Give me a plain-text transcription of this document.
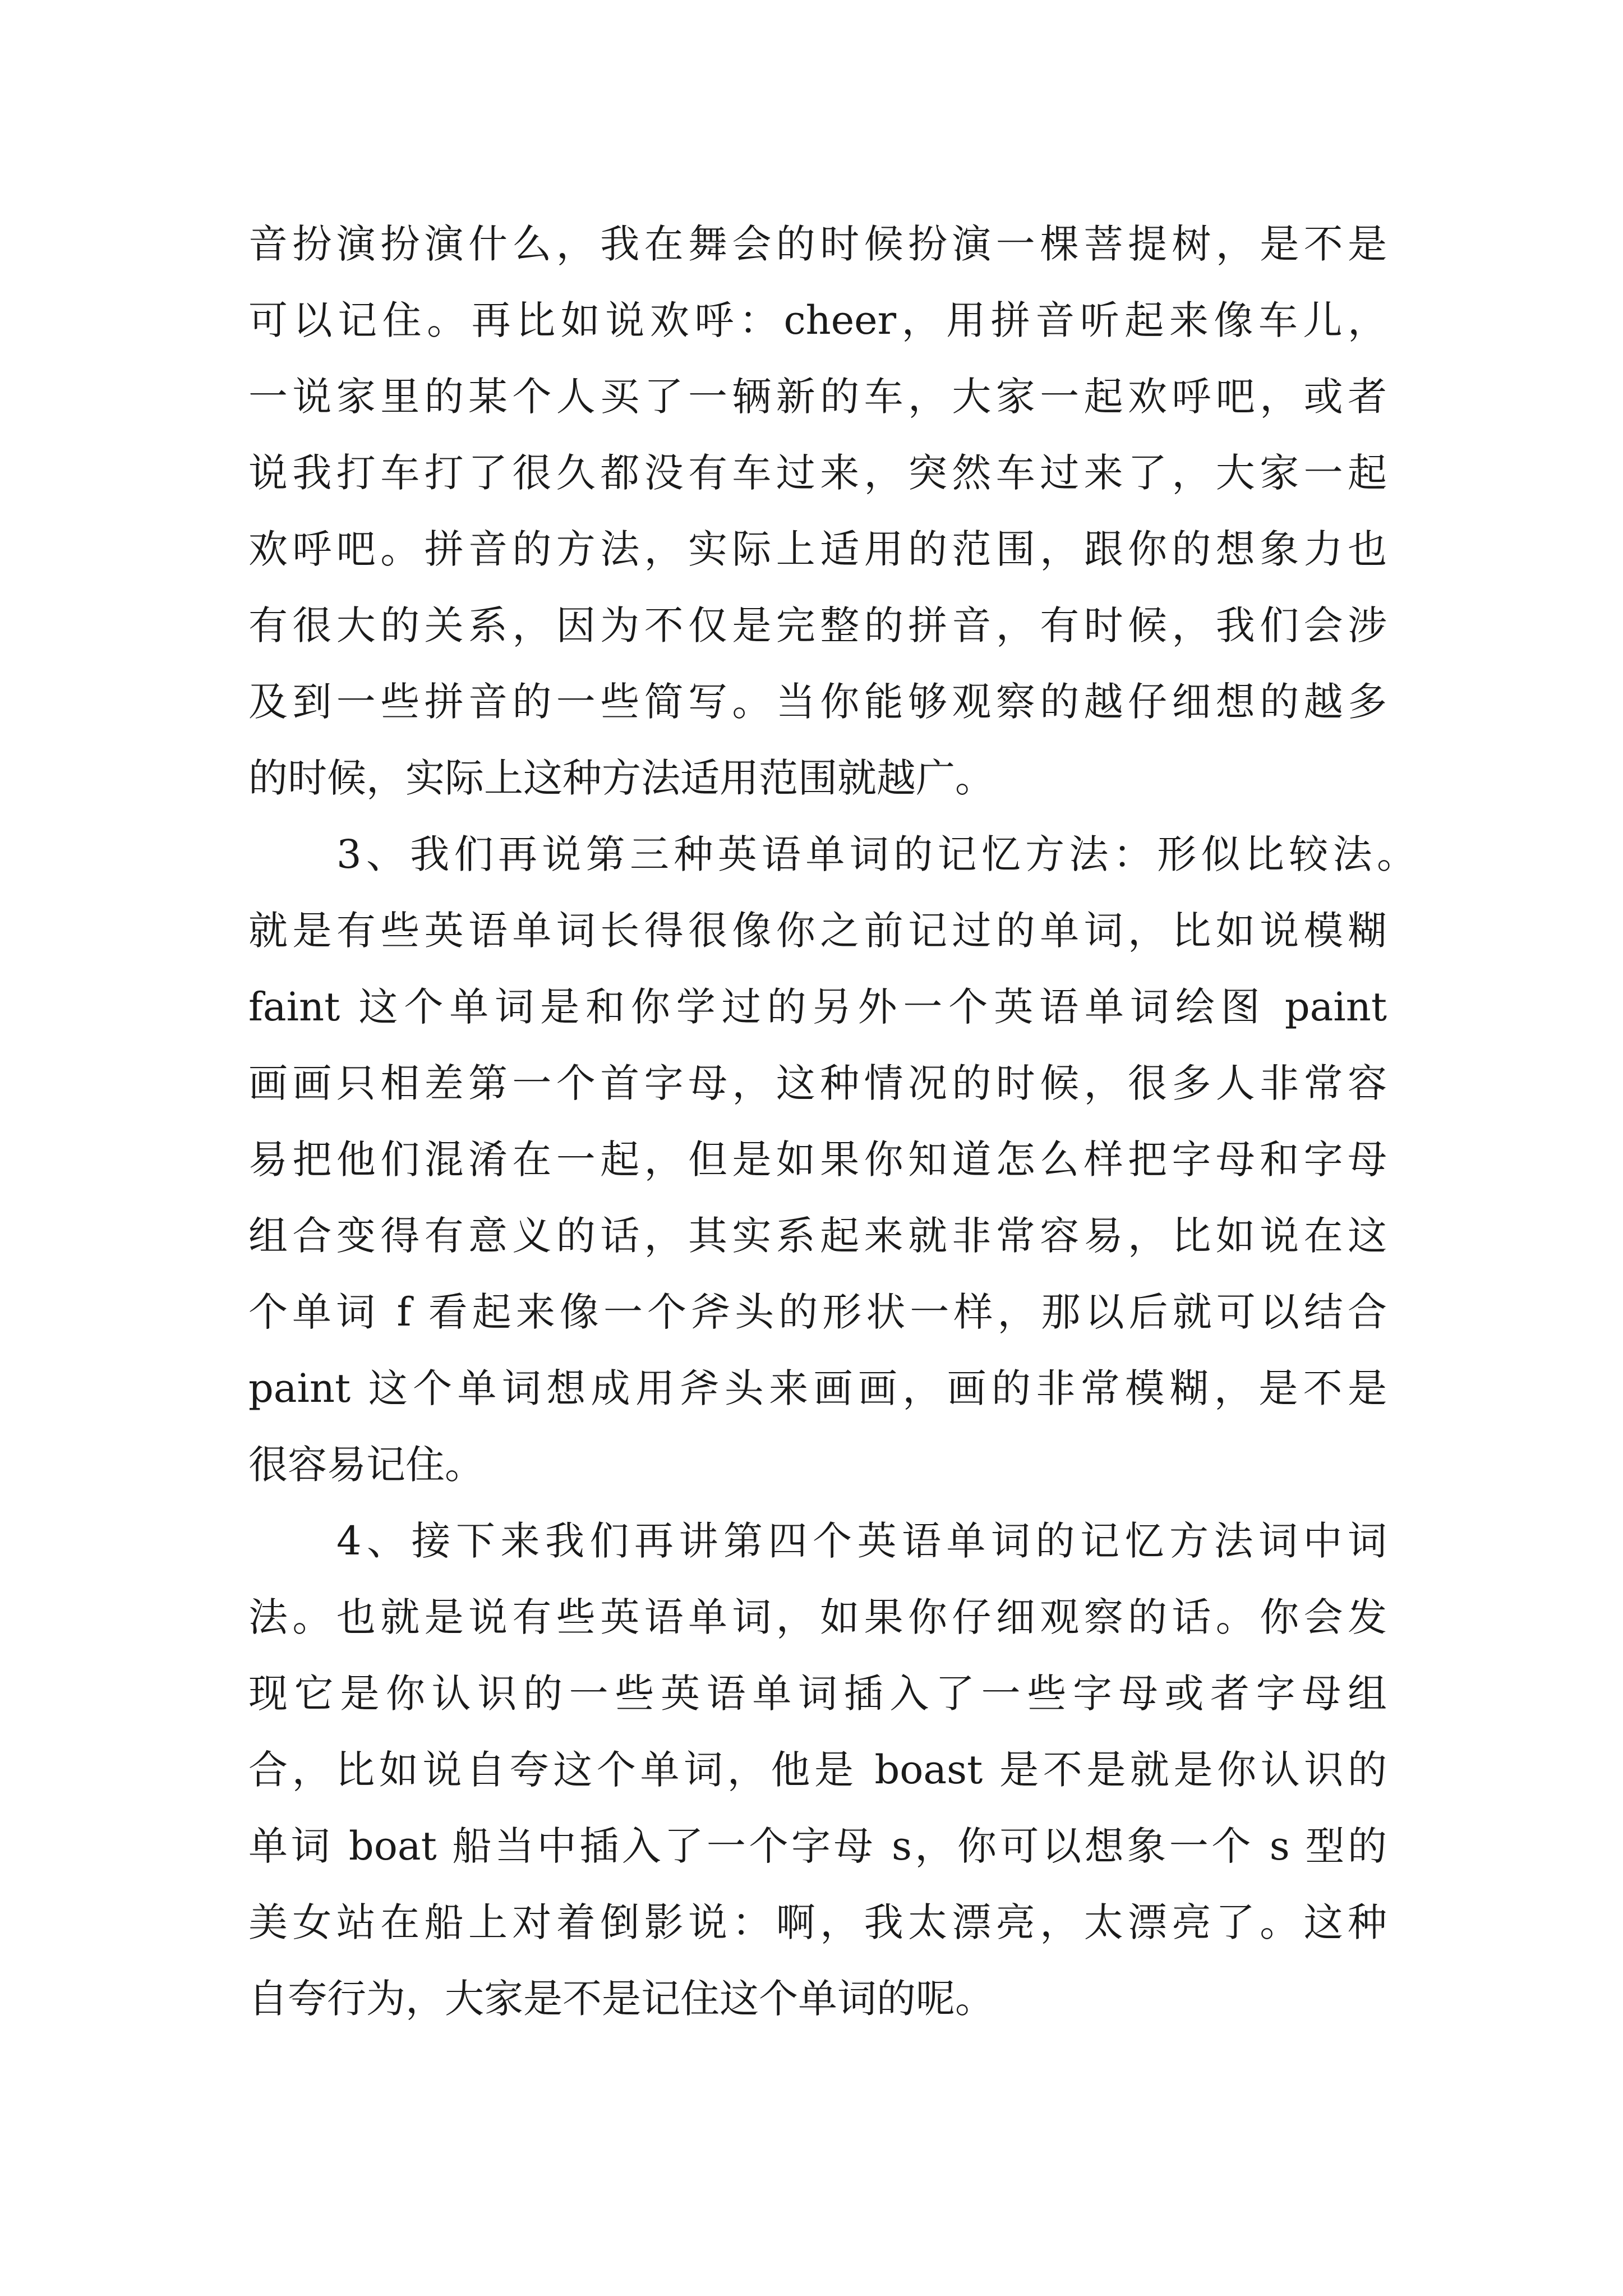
音扮演扮演什么，我在舞会的时候扮演一棵菩提树，是不是
可以记住。再比如说欢呼：cheer，用拼音听起来像车儿，
一说家里的某个人买了一辆新的车，大家一起欢呼吧，或者
说我打车打了很久都没有车过来，突然车过来了，大家一起
欢呼吧。拼音的方法，实际上适用的范围，跟你的想象力也
有很大的关系，因为不仅是完整的拼音，有时候，我们会涉
及到一些拼音的一些简写。当你能够观察的越仔细想的越多
的时候，实际上这种方法适用范围就越广。
3、我们再说第三种英语单词的记忆方法：形似比较法。
就是有些英语单词长得很像你之前记过的单词，比如说模糊
faint 这个单词是和你学过的另外一个英语单词绘图 paint
画画只相差第一个首字母，这种情况的时候，很多人非常容
易把他们混淆在一起，但是如果你知道怎么样把字母和字母
组合变得有意义的话，其实系起来就非常容易，比如说在这
个单词 f 看起来像一个斧头的形状一样，那以后就可以结合
paint 这个单词想成用斧头来画画，画的非常模糊，是不是
很容易记住。
4、接下来我们再讲第四个英语单词的记忆方法词中词
法。也就是说有些英语单词，如果你仔细观察的话。你会发
现它是你认识的一些英语单词插入了一些字母或者字母组
合，比如说自夸这个单词，他是 boast 是不是就是你认识的
单词 boat 船当中插入了一个字母 s，你可以想象一个 s 型的
美女站在船上对着倒影说：啊，我太漂亮，太漂亮了。这种
自夸行为，大家是不是记住这个单词的呢。
